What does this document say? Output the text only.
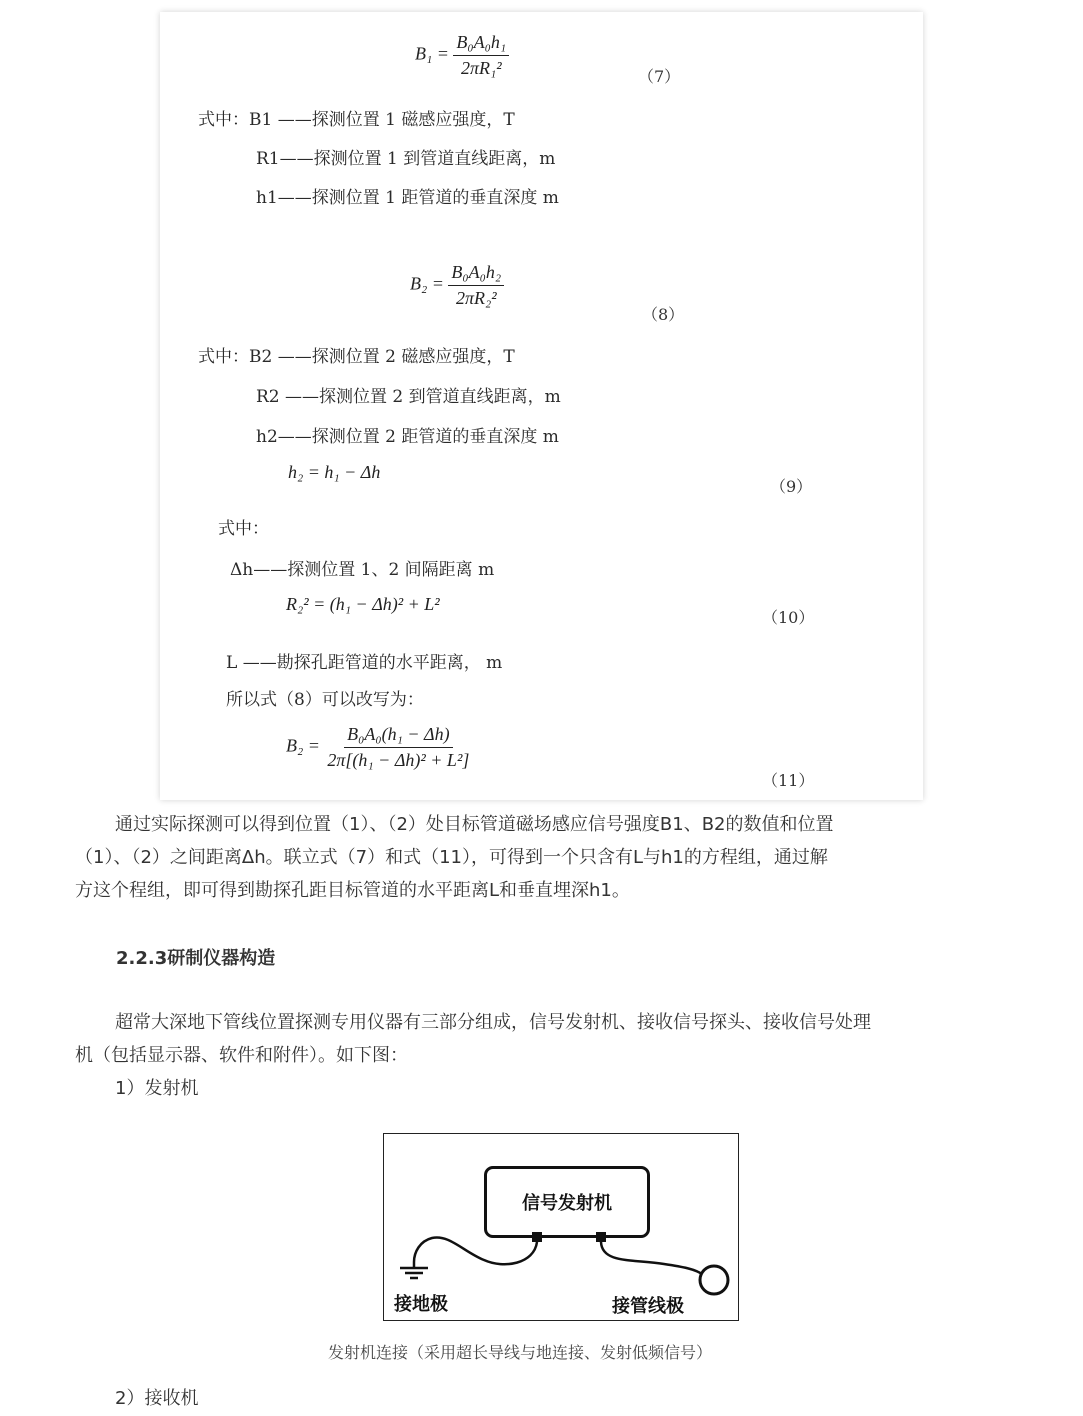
$B_1 = \frac{\text{B₀A₀h₁}}{\text{2πR₁²}}$	（7）
式中：B1 ——探测位置 1 磁感应强度，T
R1——探测位置 1 到管道直线距离，m
h1——探测位置 1 距管道的垂直深度 m
$B_2 = \frac{\text{B₀A₀h₂}}{\text{2πR₂²}}$
（8）
式中：B2 ——探测位置 2 磁感应强度，T
R2 ——探测位置 2 到管道直线距离，m
h2——探测位置 2 距管道的垂直深度 m
h₂ = h₁ − Δh
（9）
式中：
Δh——探测位置 1、2 间隔距离 m
R₂² = (h₁ − Δh)² + L²
（10）
L ——勘探孔距管道的水平距离， m
所以式（8）可以改写为：
$B_2 = \frac{\text{B₀A₀(h₁ − Δh)}}{\text{2π[(h₁ − Δh)² + L²]}}$
（11）
通过实际探测可以得到位置（1）、（2）处目标管道磁场感应信号强度B1、B2的数值和位置
（1）、（2）之间距离Δh。联立式（7）和式（11），可得到一个只含有L与h1的方程组，通过解
方这个程组，即可得到勘探孔距目标管道的水平距离L和垂直埋深h1。
2.2.3研制仪器构造
超常大深地下管线位置探测专用仪器有三部分组成，信号发射机、接收信号探头、接收信号处理
机（包括显示器、软件和附件）。如下图：
1）发射机
信号发射机
接地极	接管线极
发射机连接（采用超长导线与地连接、发射低频信号）
2）接收机
